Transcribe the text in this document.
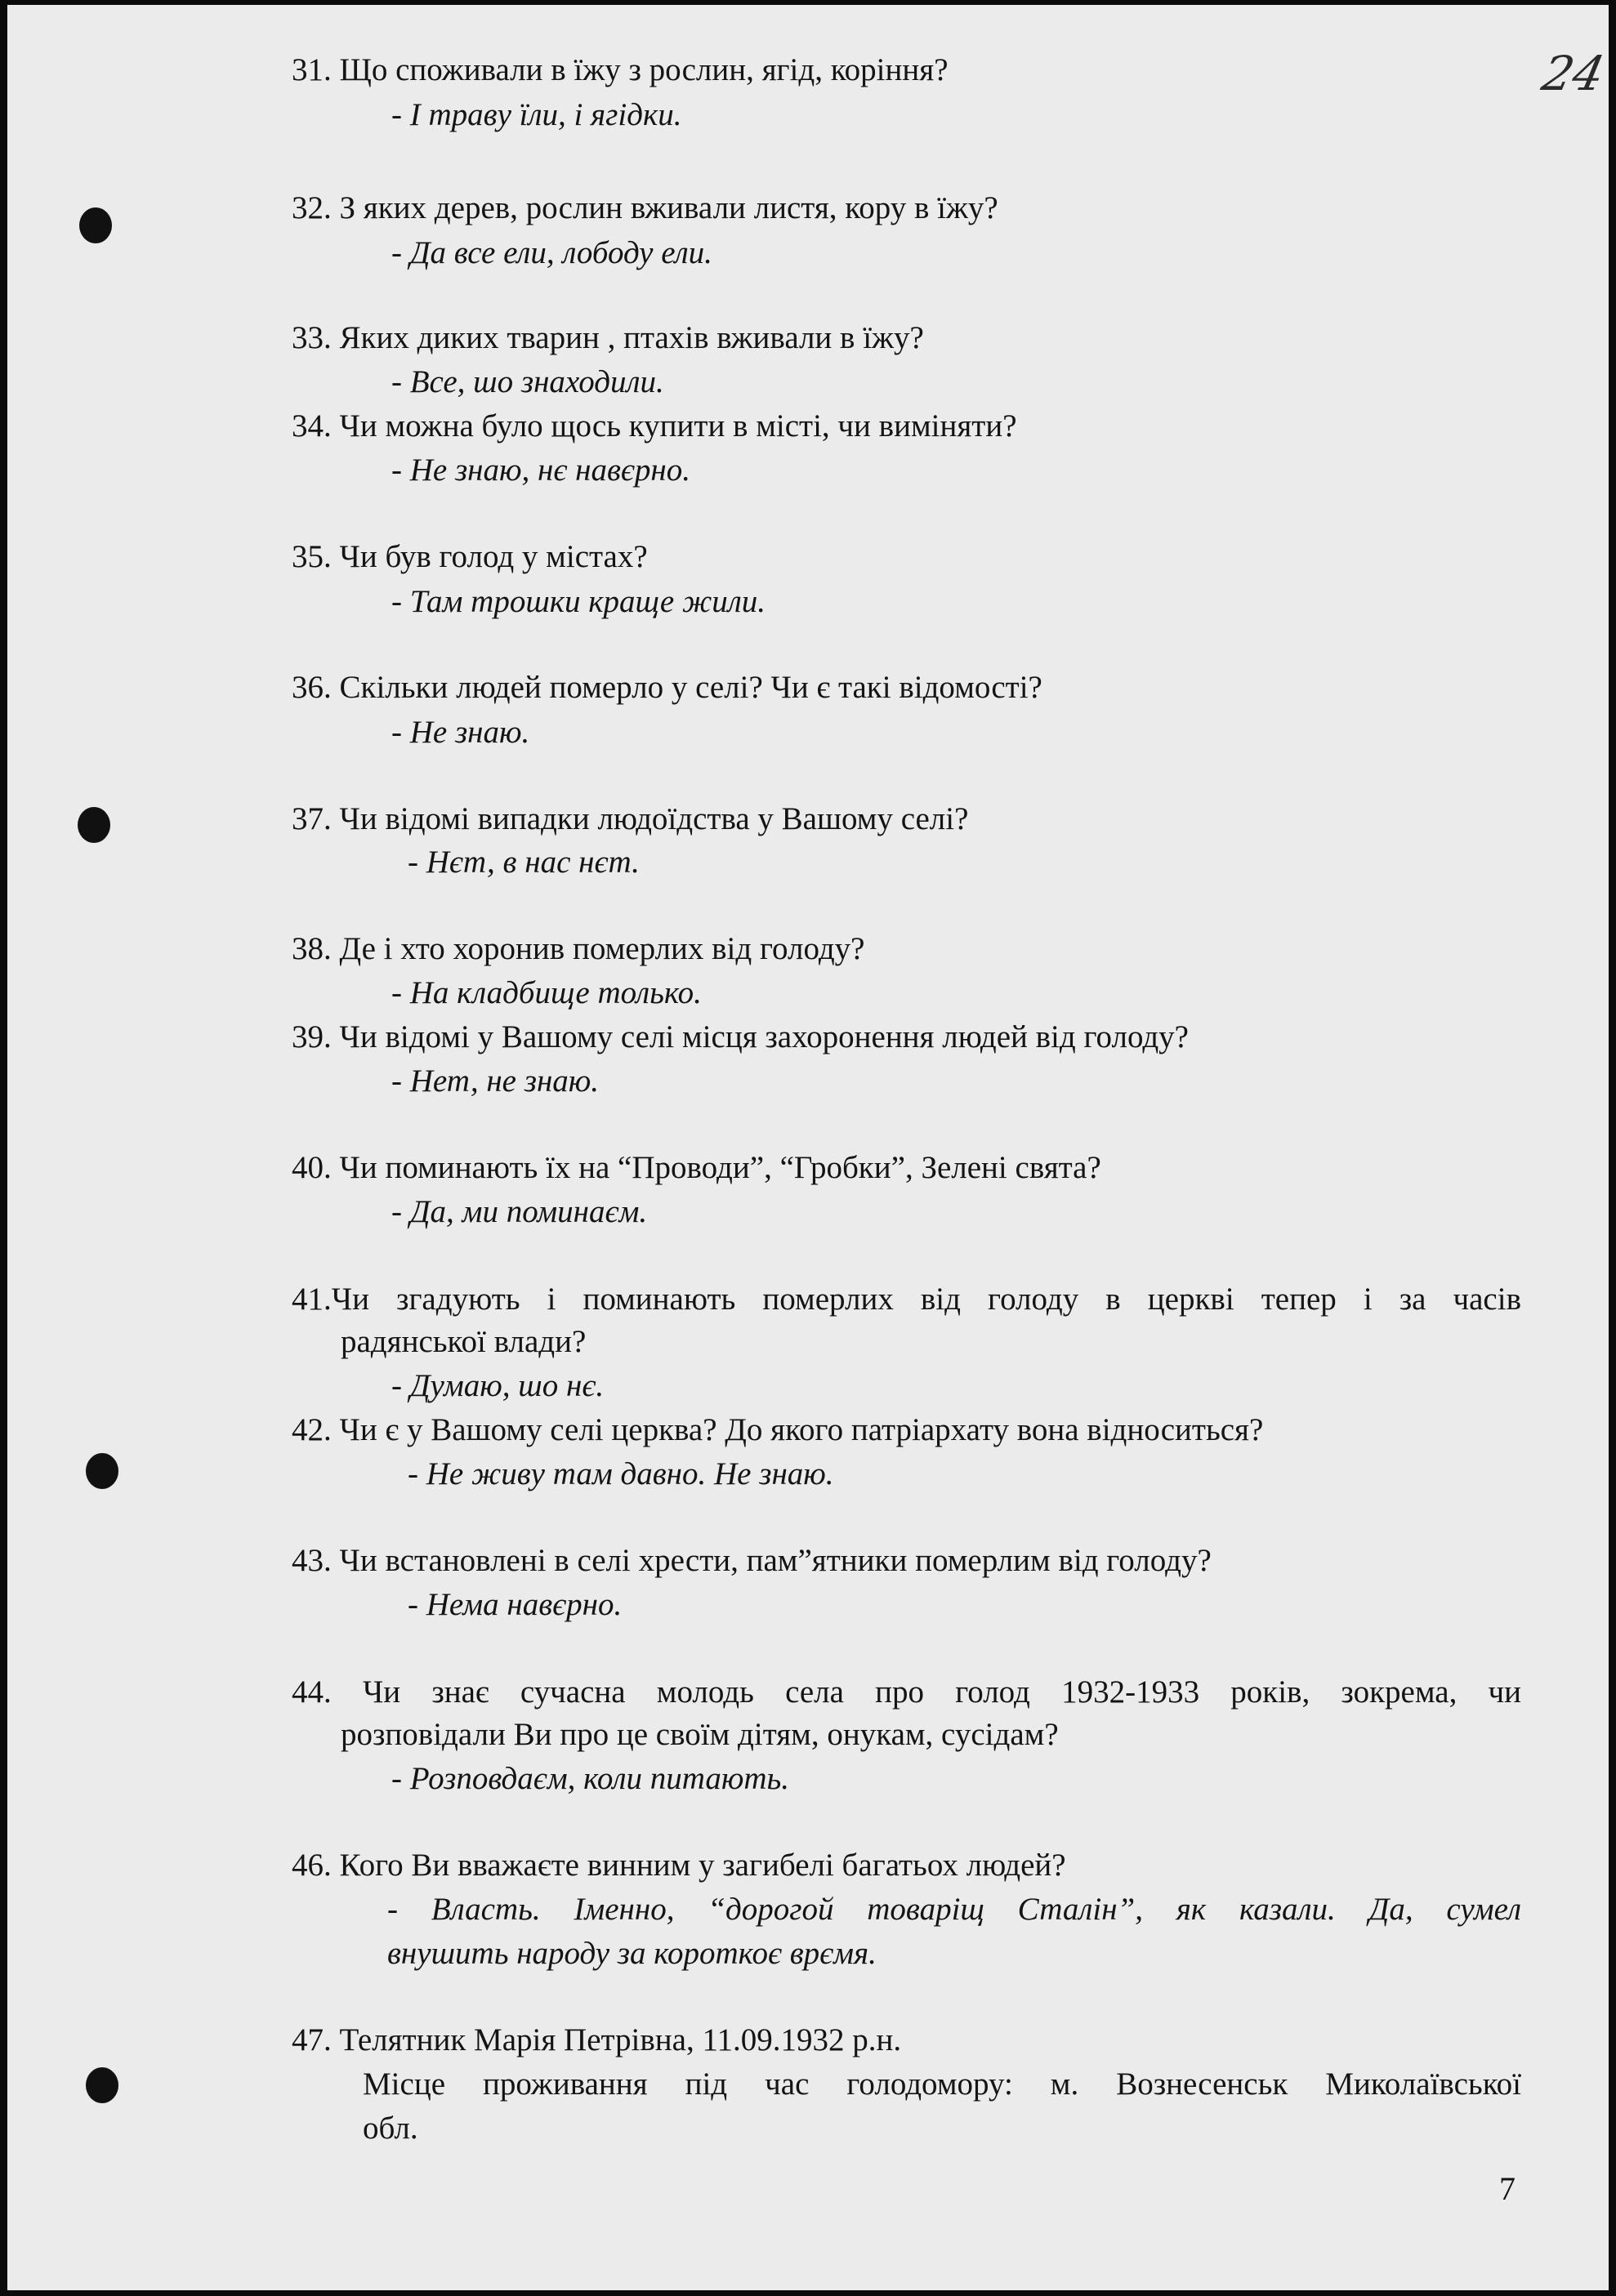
24
31. Що споживали в їжу з рослин, ягід, коріння?
- І траву їли, і ягідки.
32. З яких дерев, рослин вживали листя, кору в їжу?
- Да все ели, лободу ели.
33. Яких диких тварин , птахів вживали в їжу?
- Все, шо знаходили.
34. Чи можна було щось купити в місті, чи виміняти?
- Не знаю, нє навєрно.
35. Чи був голод у містах?
- Там трошки краще жили.
36. Скільки людей померло у селі? Чи є такі відомості?
- Не знаю.
37. Чи відомі випадки людоїдства у Вашому селі?
- Нєт, в нас нєт.
38. Де і хто хоронив померлих від голоду?
- На кладбище только.
39. Чи відомі у Вашому селі місця захоронення людей від голоду?
- Нет, не знаю.
40. Чи поминають їх на “Проводи”, “Гробки”, Зелені свята?
- Да, ми поминаєм.
41.Чи згадують і поминають померлих від голоду в церкві тепер і за часів
радянської влади?
- Думаю, шо нє.
42. Чи є у Вашому селі церква? До якого патріархату вона відноситься?
- Не живу там давно. Не знаю.
43. Чи встановлені в селі хрести, пам”ятники померлим від голоду?
- Нема навєрно.
44. Чи знає сучасна молодь села про голод 1932-1933 років, зокрема, чи
розповідали Ви про це своїм дітям, онукам, сусідам?
- Розповдаєм, коли питають.
46. Кого Ви вважаєте винним у загибелі багатьох людей?
- Власть. Іменно, “дорогой товаріщ Сталін”, як казали. Да, сумел
внушить народу за короткоє врємя.
47. Телятник Марія Петрівна, 11.09.1932 р.н.
Місце проживання під час голодомору: м. Вознесенськ Миколаївської
обл.
7
